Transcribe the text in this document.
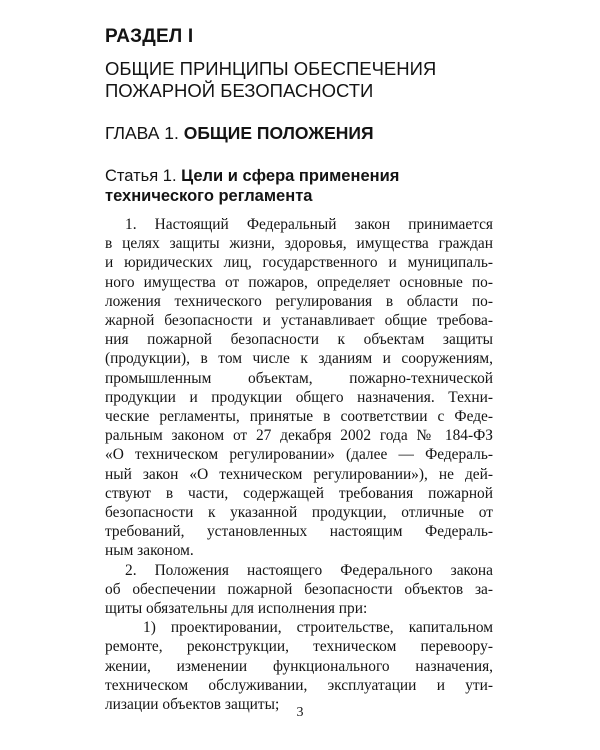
РАЗДЕЛ I
ОБЩИЕ ПРИНЦИПЫ ОБЕСПЕЧЕНИЯ
ПОЖАРНОЙ БЕЗОПАСНОСТИ
ГЛАВА 1. ОБЩИЕ ПОЛОЖЕНИЯ
Статья 1. Цели и сфера применения
технического регламента
1. Настоящий Федеральный закон принимается
в целях защиты жизни, здоровья, имущества граждан
и юридических лиц, государственного и муниципаль-
ного имущества от пожаров, определяет основные по-
ложения технического регулирования в области по-
жарной безопасности и устанавливает общие требова-
ния пожарной безопасности к объектам защиты
(продукции), в том числе к зданиям и сооружениям,
промышленным объектам, пожарно-технической
продукции и продукции общего назначения. Техни-
ческие регламенты, принятые в соответствии с Феде-
ральным законом от 27 декабря 2002 года № 184-ФЗ
«О техническом регулировании» (далее — Федераль-
ный закон «О техническом регулировании»), не дей-
ствуют в части, содержащей требования пожарной
безопасности к указанной продукции, отличные от
требований, установленных настоящим Федераль-
ным законом.
2. Положения настоящего Федерального закона
об обеспечении пожарной безопасности объектов за-
щиты обязательны для исполнения при:
1) проектировании, строительстве, капитальном
ремонте, реконструкции, техническом перевоору-
жении, изменении функционального назначения,
техническом обслуживании, эксплуатации и ути-
лизации объектов защиты;	3
